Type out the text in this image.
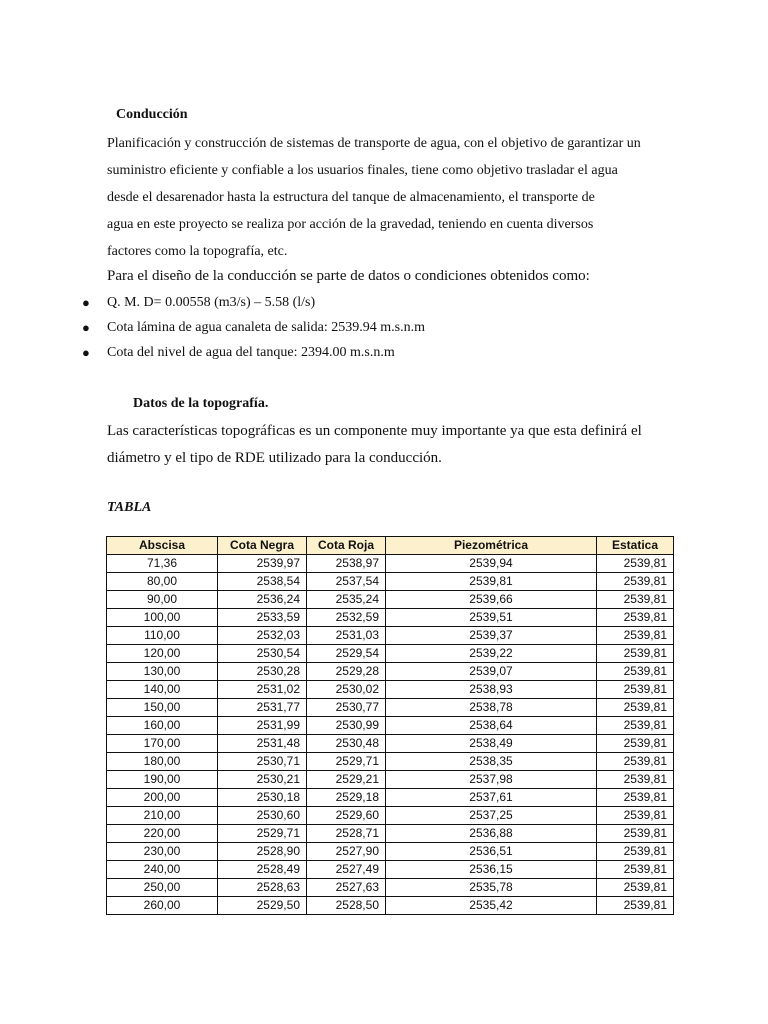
Conducción
Planificación y construcción de sistemas de transporte de agua, con el objetivo de garantizar un
suministro eficiente y confiable a los usuarios finales, tiene como objetivo trasladar el agua
desde el desarenador hasta la estructura del tanque de almacenamiento, el transporte de
agua en este proyecto se realiza por acción de la gravedad, teniendo en cuenta diversos
factores como la topografía, etc.
Para el diseño de la conducción se parte de datos o condiciones obtenidos como:
● Q. M. D= 0.00558 (m3/s) – 5.58 (l/s)
● Cota lámina de agua canaleta de salida: 2539.94 m.s.n.m
● Cota del nivel de agua del tanque: 2394.00 m.s.n.m
Datos de la topografía.
Las características topográficas es un componente muy importante ya que esta definirá el
diámetro y el tipo de RDE utilizado para la conducción.
TABLA
Abscisa	Cota Negra	Cota Roja	Piezométrica	Estatica
71,36	2539,97	2538,97	2539,94	2539,81
80,00	2538,54	2537,54	2539,81	2539,81
90,00	2536,24	2535,24	2539,66	2539,81
100,00	2533,59	2532,59	2539,51	2539,81
110,00	2532,03	2531,03	2539,37	2539,81
120,00	2530,54	2529,54	2539,22	2539,81
130,00	2530,28	2529,28	2539,07	2539,81
140,00	2531,02	2530,02	2538,93	2539,81
150,00	2531,77	2530,77	2538,78	2539,81
160,00	2531,99	2530,99	2538,64	2539,81
170,00	2531,48	2530,48	2538,49	2539,81
180,00	2530,71	2529,71	2538,35	2539,81
190,00	2530,21	2529,21	2537,98	2539,81
200,00	2530,18	2529,18	2537,61	2539,81
210,00	2530,60	2529,60	2537,25	2539,81
220,00	2529,71	2528,71	2536,88	2539,81
230,00	2528,90	2527,90	2536,51	2539,81
240,00	2528,49	2527,49	2536,15	2539,81
250,00	2528,63	2527,63	2535,78	2539,81
260,00	2529,50	2528,50	2535,42	2539,81
